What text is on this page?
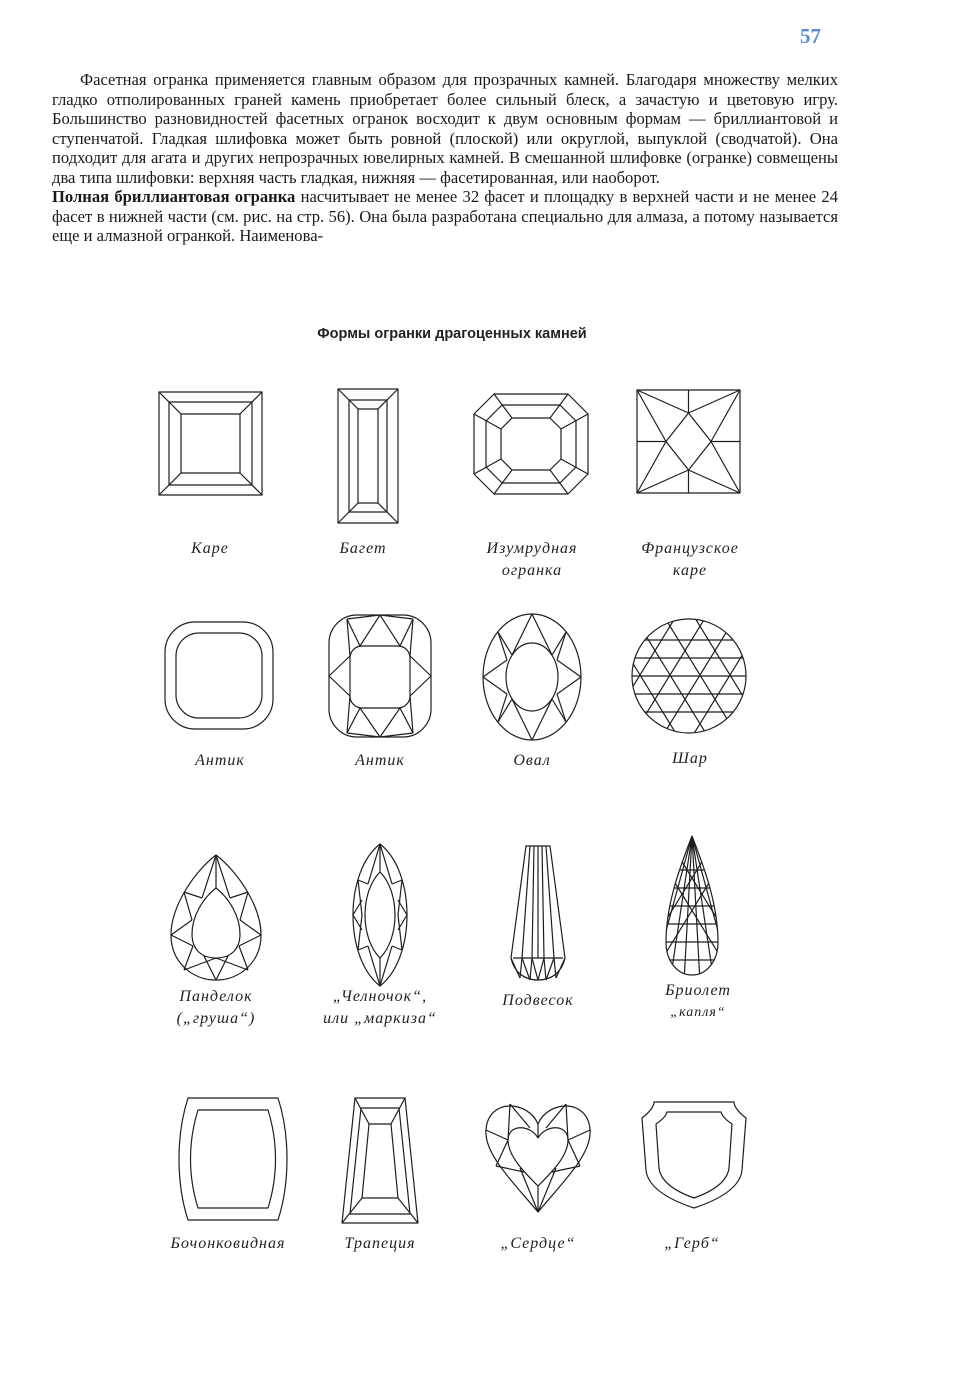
57

Фасетная огранка применяется главным образом для прозрачных камней. Благодаря множеству мелких гладко отполированных граней камень приобретает более сильный блеск, а зачастую и цветовую игру. Большинство разновидностей фасетных огранок восходит к двум основным формам — бриллиантовой и ступенчатой. Гладкая шлифовка может быть ровной (плоской) или округлой, выпуклой (сводчатой). Она подходит для агата и других непрозрачных ювелирных камней. В смешанной шлифовке (огранке) совмещены два типа шлифовки: верхняя часть гладкая, нижняя — фасетированная, или наоборот.

Полная бриллиантовая огранка насчитывает не менее 32 фасет и площадку в верхней части и не менее 24 фасет в нижней части (см. рис. на стр. 56). Она была разработана специально для алмаза, а потому называется еще и алмазной огранкой. Наименова-

Формы огранки драгоценных камней
Каре	Багет	Изумрудная
огранка
Французское
каре
Антик	Антик	Овал	Шар
Панделок
(„груша“)
„Челночок“,
или „маркиза“
Подвесок
Бриолет
„капля“
Бочонковидная	Трапеция	„Сердце“	„Герб“
